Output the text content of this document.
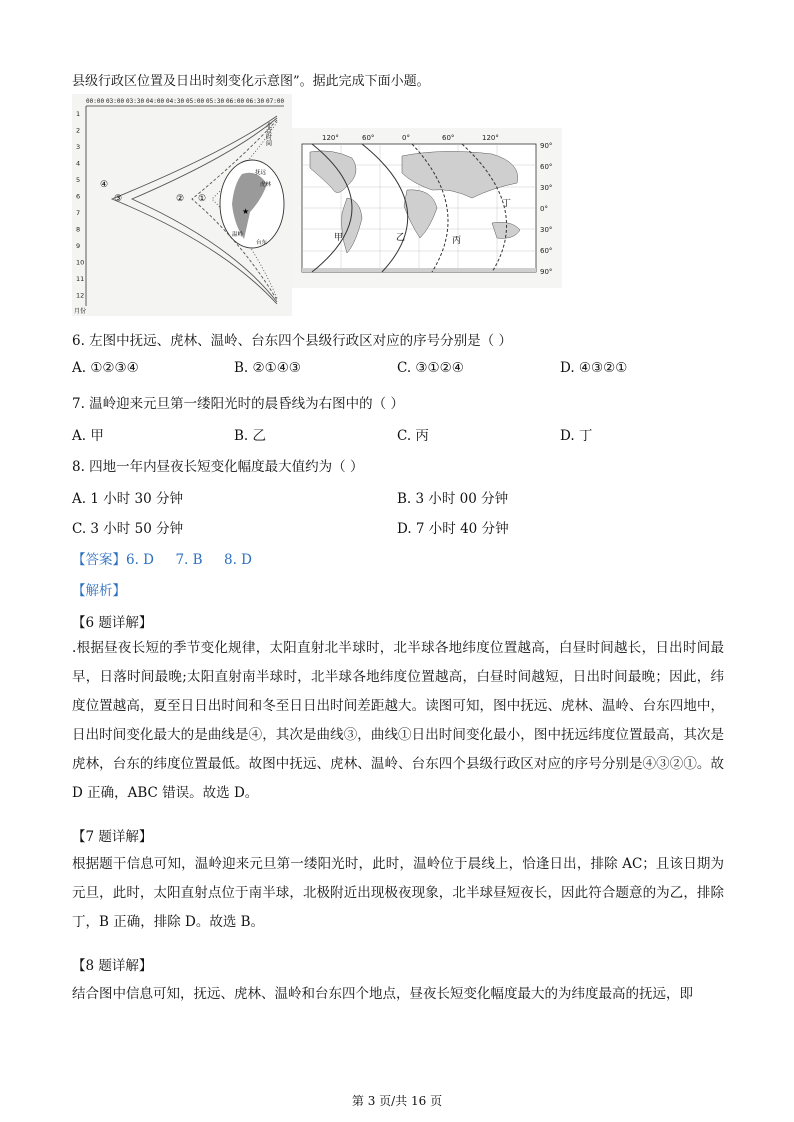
县级行政区位置及日出时刻变化示意图”。据此完成下面小题。
00:00 03:00 03:30 04:00 04:30 05:00 05:30 06:00 06:30 07:00
1
2
3
4
5
6
7
8
9
10
11
12
月份
北京时间
④
③	② ①
抚远
虎林
温岭
台东
★
120°	60°	0°	60°	120°
90°
60°
30°
0°
30°
60°
90°
甲	乙	丙
丁
6. 左图中抚远、虎林、温岭、台东四个县级行政区对应的序号分别是（ ）
A. ①②③④	B. ②①④③	C. ③①②④	D. ④③②①
7. 温岭迎来元旦第一缕阳光时的晨昏线为右图中的（ ）
A. 甲	B. 乙	C. 丙	D. 丁
8. 四地一年内昼夜长短变化幅度最大值约为（ ）
A. 1 小时 30 分钟	B. 3 小时 00 分钟
C. 3 小时 50 分钟	D. 7 小时 40 分钟
【答案】6. D     7. B     8. D
【解析】
【6 题详解】
.根据昼夜长短的季节变化规律，太阳直射北半球时，北半球各地纬度位置越高，白昼时间越长，日出时间最早，日落时间最晚;太阳直射南半球时，北半球各地纬度位置越高，白昼时间越短，日出时间最晚；因此，纬度位置越高，夏至日日出时间和冬至日日出时间差距越大。读图可知，图中抚远、虎林、温岭、台东四地中，日出时间变化最大的是曲线是④，其次是曲线③，曲线①日出时间变化最小，图中抚远纬度位置最高，其次是虎林，台东的纬度位置最低。故图中抚远、虎林、温岭、台东四个县级行政区对应的序号分别是④③②①。故 D 正确，ABC 错误。故选 D。
【7 题详解】
根据题干信息可知，温岭迎来元旦第一缕阳光时，此时，温岭位于晨线上，恰逢日出，排除 AC；且该日期为元旦，此时，太阳直射点位于南半球，北极附近出现极夜现象，北半球昼短夜长，因此符合题意的为乙，排除丁，B 正确，排除 D。故选 B。
【8 题详解】
结合图中信息可知，抚远、虎林、温岭和台东四个地点，昼夜长短变化幅度最大的为纬度最高的抚远，即
第 3 页/共 16 页
